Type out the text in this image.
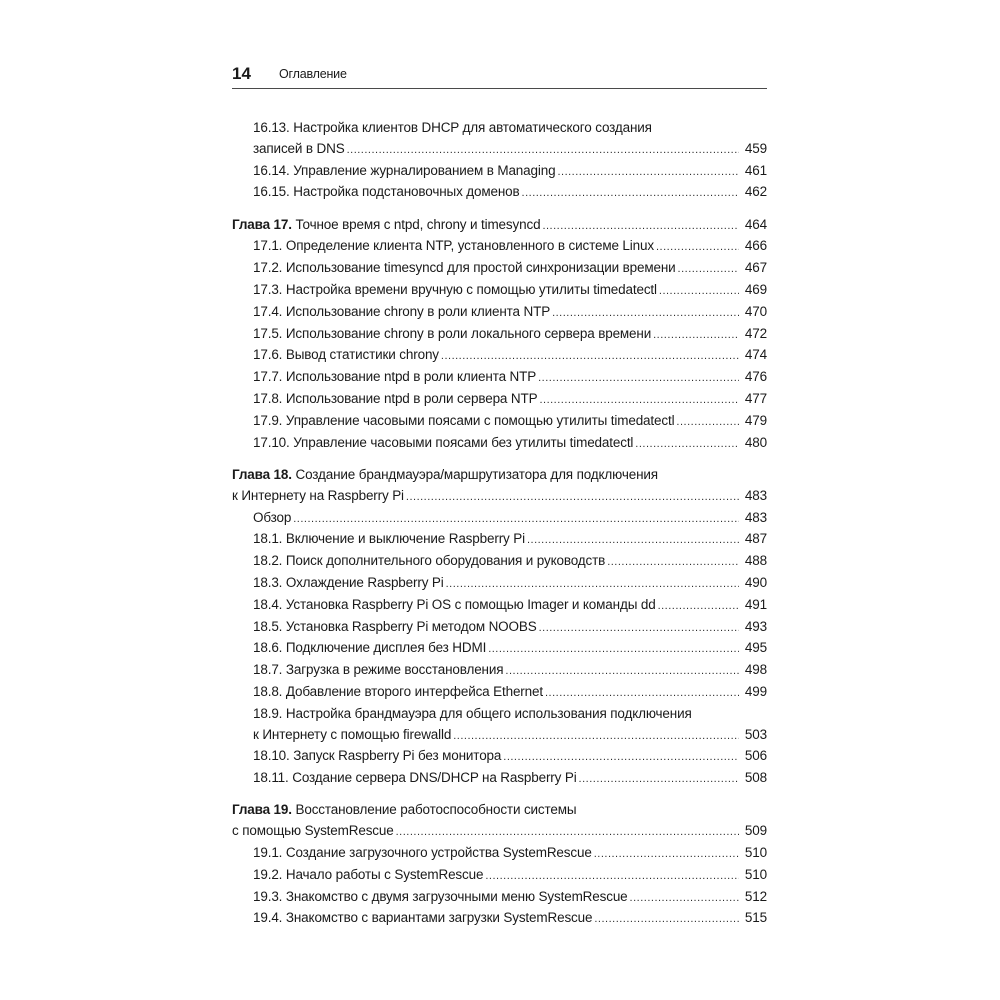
14 Оглавление
16.13. Настройка клиентов DHCP для автоматического создания
записей в DNS .....	459
16.14. Управление журналированием в Managing .....	461
16.15. Настройка подстановочных доменов .....	462
Глава 17. Точное время с ntpd, chrony и timesyncd .....	464
17.1. Определение клиента NTP, установленного в системе Linux .....	466
17.2. Использование timesyncd для простой синхронизации времени .....	467
17.3. Настройка времени вручную с помощью утилиты timedatectl .....	469
17.4. Использование chrony в роли клиента NTP .....	470
17.5. Использование chrony в роли локального сервера времени .....	472
17.6. Вывод статистики chrony .....	474
17.7. Использование ntpd в роли клиента NTP .....	476
17.8. Использование ntpd в роли сервера NTP .....	477
17.9. Управление часовыми поясами с помощью утилиты timedatectl .....	479
17.10. Управление часовыми поясами без утилиты timedatectl .....	480
Глава 18. Создание брандмауэра/маршрутизатора для подключения
к Интернету на Raspberry Pi .....	483
Обзор .....	483
18.1. Включение и выключение Raspberry Pi .....	487
18.2. Поиск дополнительного оборудования и руководств .....	488
18.3. Охлаждение Raspberry Pi .....	490
18.4. Установка Raspberry Pi OS с помощью Imager и команды dd .....	491
18.5. Установка Raspberry Pi методом NOOBS .....	493
18.6. Подключение дисплея без HDMI .....	495
18.7. Загрузка в режиме восстановления .....	498
18.8. Добавление второго интерфейса Ethernet .....	499
18.9. Настройка брандмауэра для общего использования подключения
к Интернету с помощью firewalld .....	503
18.10. Запуск Raspberry Pi без монитора .....	506
18.11. Создание сервера DNS/DHCP на Raspberry Pi .....	508
Глава 19. Восстановление работоспособности системы
с помощью SystemRescue .....	509
19.1. Создание загрузочного устройства SystemRescue .....	510
19.2. Начало работы с SystemRescue .....	510
19.3. Знакомство с двумя загрузочными меню SystemRescue .....	512
19.4. Знакомство с вариантами загрузки SystemRescue .....	515
